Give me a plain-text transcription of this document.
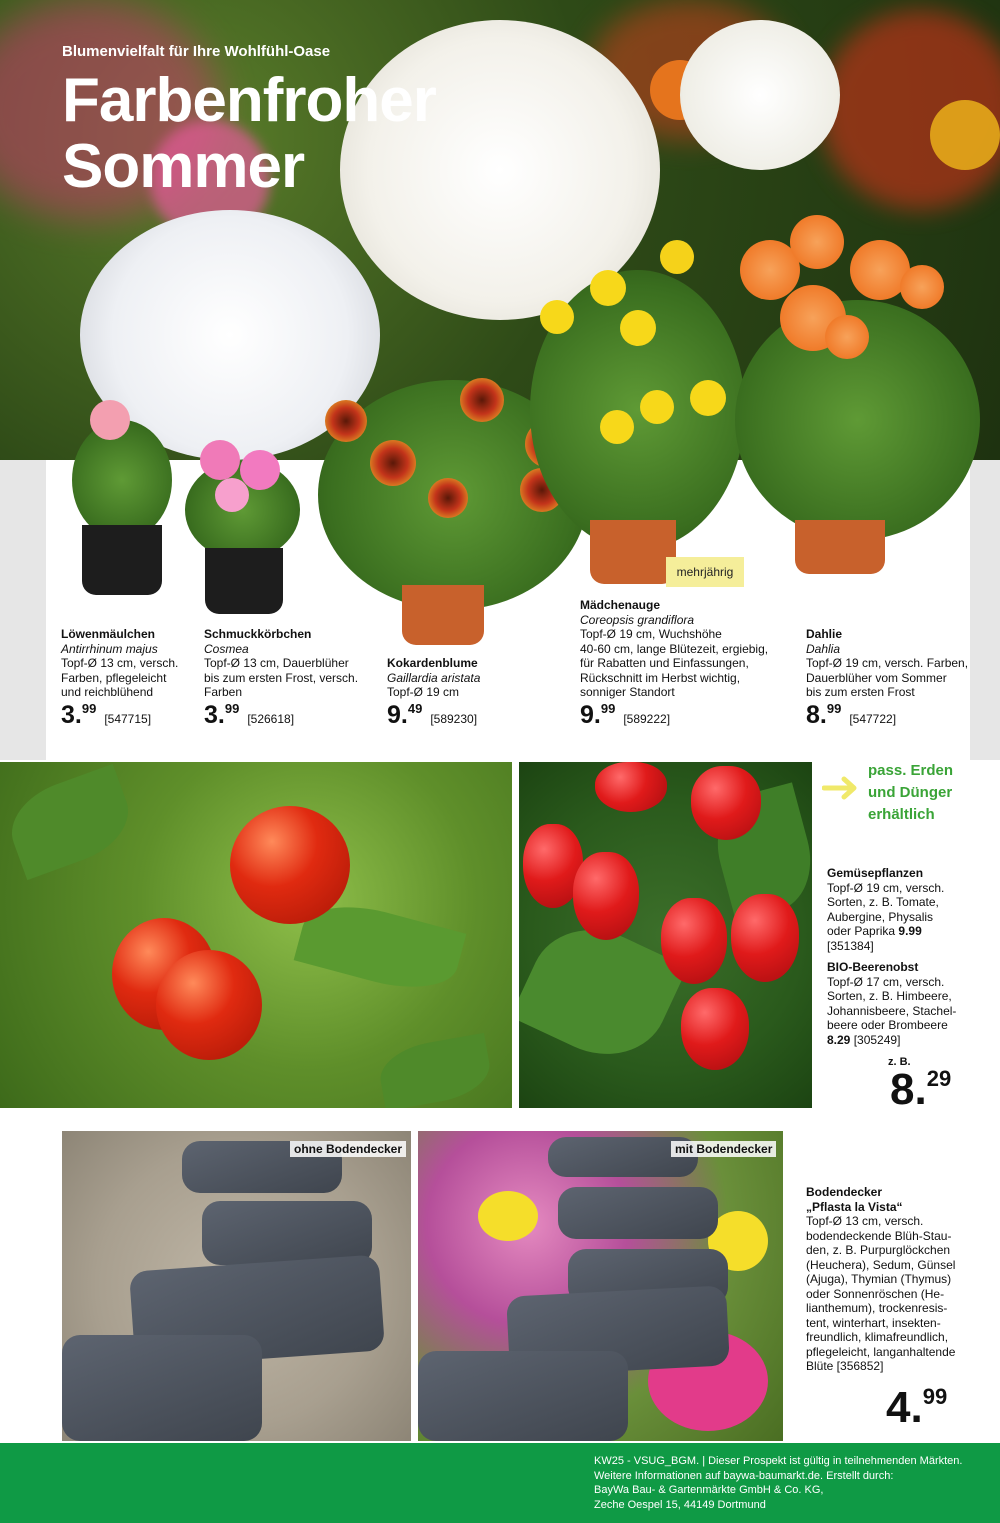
Blumenvielfalt für Ihre Wohlfühl-Oase
Farbenfroher
Sommer
mehrjährig
Löwenmäulchen
Antirrhinum majus
Topf-Ø 13 cm, versch.
Farben, pflegeleicht
und reichblühend
3. 99
[547715]
Schmuckkörbchen
Cosmea
Topf-Ø 13 cm, Dauerblüher
bis zum ersten Frost, versch.
Farben
3. 99
[526618]
Kokardenblume
Gaillardia aristata
Topf-Ø 19 cm
9. 49
[589230]
Mädchenauge
Coreopsis grandiflora
Topf-Ø 19 cm, Wuchshöhe
40-60 cm, lange Blütezeit, ergiebig,
für Rabatten und Einfassungen,
Rückschnitt im Herbst wichtig,
sonniger Standort
9. 99
[589222]
Dahlie
Dahlia
Topf-Ø 19 cm, versch. Farben,
Dauerblüher vom Sommer
bis zum ersten Frost
8. 99
[547722]
pass. Erden
und Dünger
erhältlich
Gemüsepflanzen
Topf-Ø 19 cm, versch.
Sorten, z. B. Tomate,
Aubergine, Physalis
oder Paprika 9.99
[351384]
BIO-Beerenobst
Topf-Ø 17 cm, versch.
Sorten, z. B. Himbeere,
Johannisbeere, Stachel-
beere oder Brombeere
8.29 [305249]
z. B.
8.29
ohne Bodendecker	mit Bodendecker
Bodendecker
„Pflasta la Vista“
Topf-Ø 13 cm, versch.
bodendeckende Blüh-Stau-
den, z. B. Purpurglöckchen
(Heuchera), Sedum, Günsel
(Ajuga), Thymian (Thymus)
oder Sonnenröschen (He-
lianthemum), trockenresis-
tent, winterhart, insekten-
freundlich, klimafreundlich,
pflegeleicht, langanhaltende
Blüte [356852]
4.99
KW25 - VSUG_BGM. | Dieser Prospekt ist gültig in teilnehmenden Märkten.
Weitere Informationen auf baywa-baumarkt.de. Erstellt durch:
BayWa Bau- & Gartenmärkte GmbH & Co. KG,
Zeche Oespel 15, 44149 Dortmund
